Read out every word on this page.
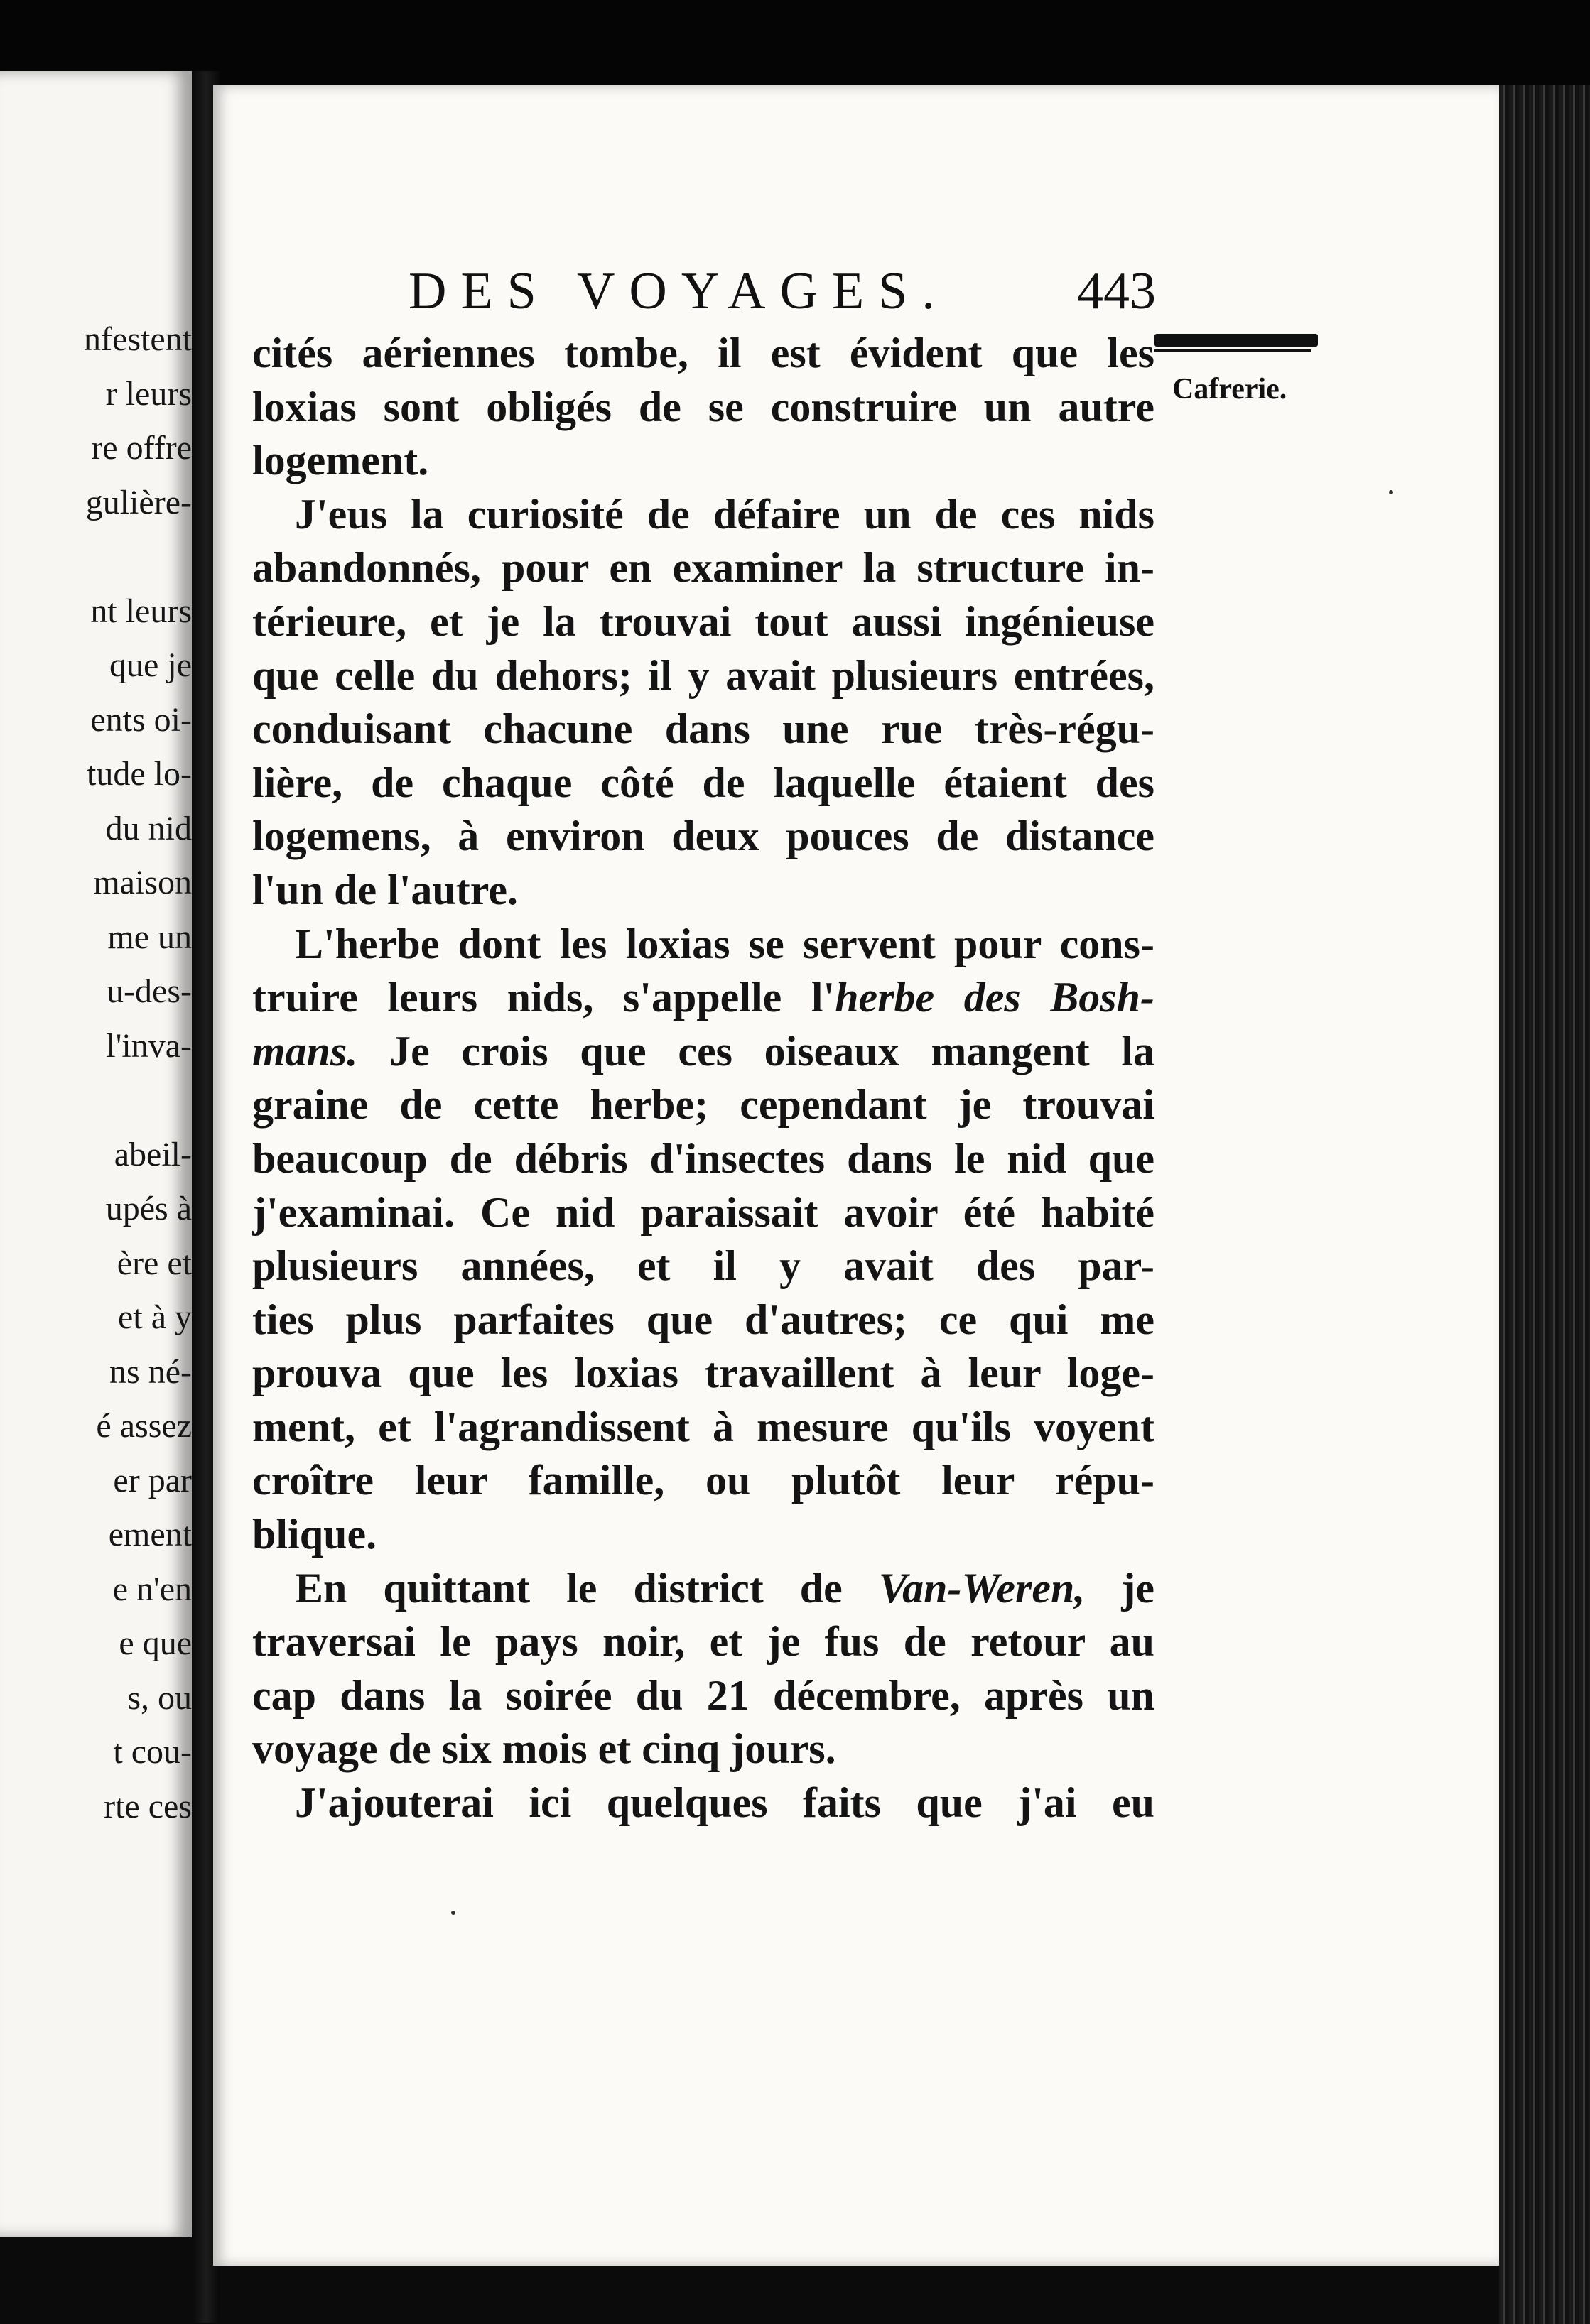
nfestent
r leurs
re offre
gulière-
nt leurs
que je
ents oi-
tude lo-
du nid
maison
me un
u-des-
l'inva-
abeil-
upés à
ère et
et à y
ns né-
é assez
er par
ement
e n'en
e que
s, ou
t cou-
rte ces
DES VOYAGES.	443
Cafrerie.
cités aériennes tombe, il est évident que les
loxias sont obligés de se construire un autre
logement.
J'eus la curiosité de défaire un de ces nids
abandonnés, pour en examiner la structure in-
térieure, et je la trouvai tout aussi ingénieuse
que celle du dehors; il y avait plusieurs entrées,
conduisant chacune dans une rue très-régu-
lière, de chaque côté de laquelle étaient des
logemens, à environ deux pouces de distance
l'un de l'autre.
L'herbe dont les loxias se servent pour cons-
truire leurs nids, s'appelle l'herbe des Bosh-
mans. Je crois que ces oiseaux mangent la
graine de cette herbe; cependant je trouvai
beaucoup de débris d'insectes dans le nid que
j'examinai. Ce nid paraissait avoir été habité
plusieurs années, et il y avait des par-
ties plus parfaites que d'autres; ce qui me
prouva que les loxias travaillent à leur loge-
ment, et l'agrandissent à mesure qu'ils voyent
croître leur famille, ou plutôt leur répu-
blique.
En quittant le district de Van-Weren, je
traversai le pays noir, et je fus de retour au
cap dans la soirée du 21 décembre, après un
voyage de six mois et cinq jours.
J'ajouterai ici quelques faits que j'ai eu
